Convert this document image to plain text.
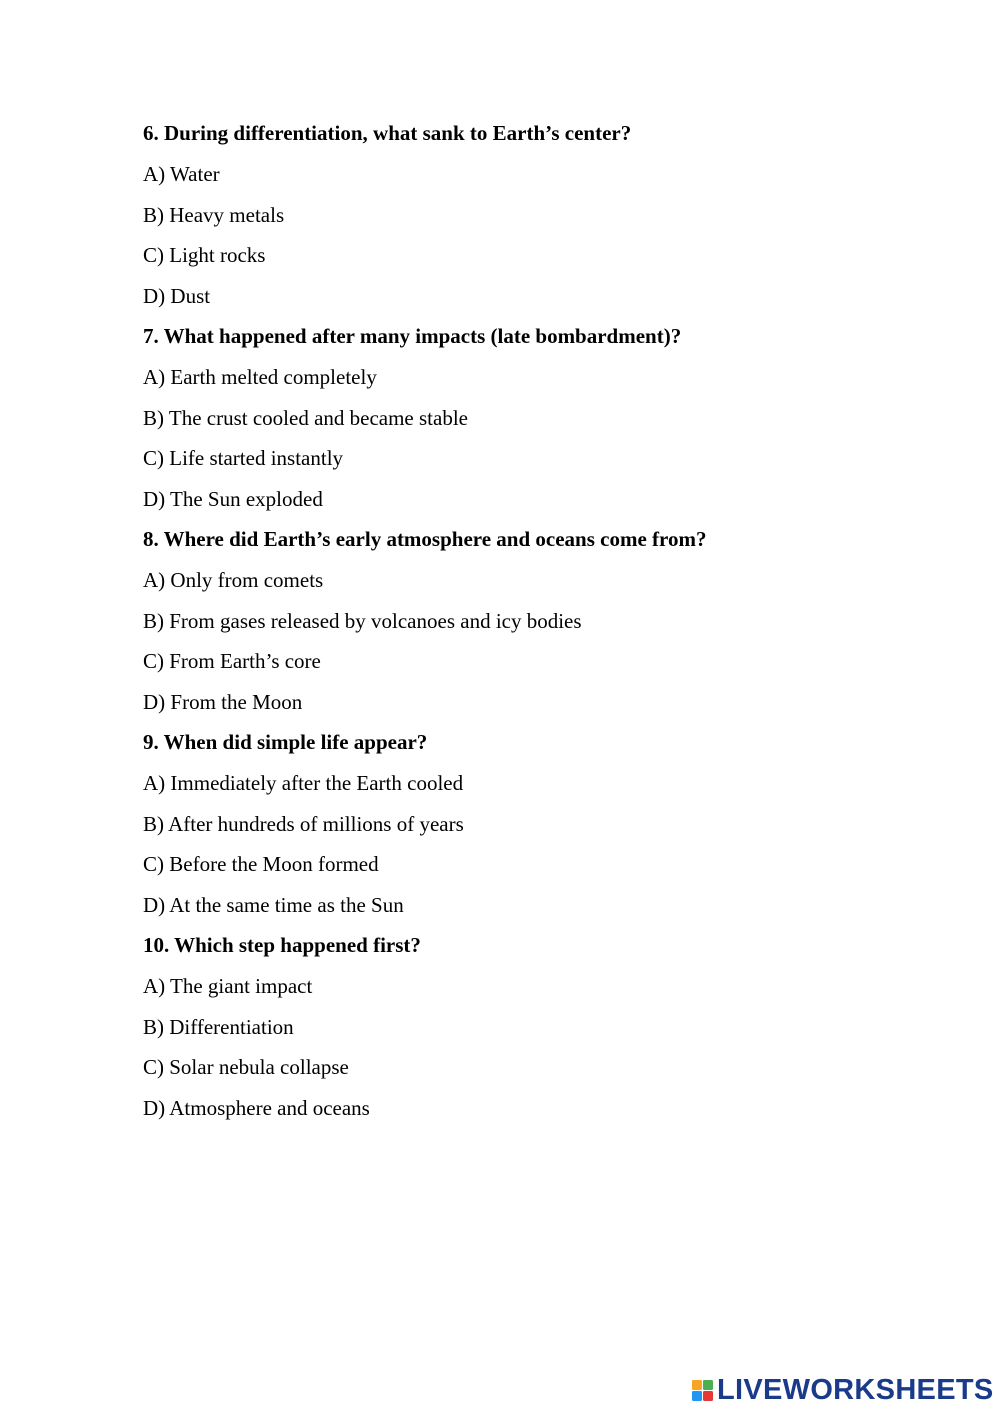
6. During differentiation, what sank to Earth’s center?
A) Water
B) Heavy metals
C) Light rocks
D) Dust
7. What happened after many impacts (late bombardment)?
A) Earth melted completely
B) The crust cooled and became stable
C) Life started instantly
D) The Sun exploded
8. Where did Earth’s early atmosphere and oceans come from?
A) Only from comets
B) From gases released by volcanoes and icy bodies
C) From Earth’s core
D) From the Moon
9. When did simple life appear?
A) Immediately after the Earth cooled
B) After hundreds of millions of years
C) Before the Moon formed
D) At the same time as the Sun
10. Which step happened first?
A) The giant impact
B) Differentiation
C) Solar nebula collapse
D) Atmosphere and oceans
LIVEWORKSHEETS
